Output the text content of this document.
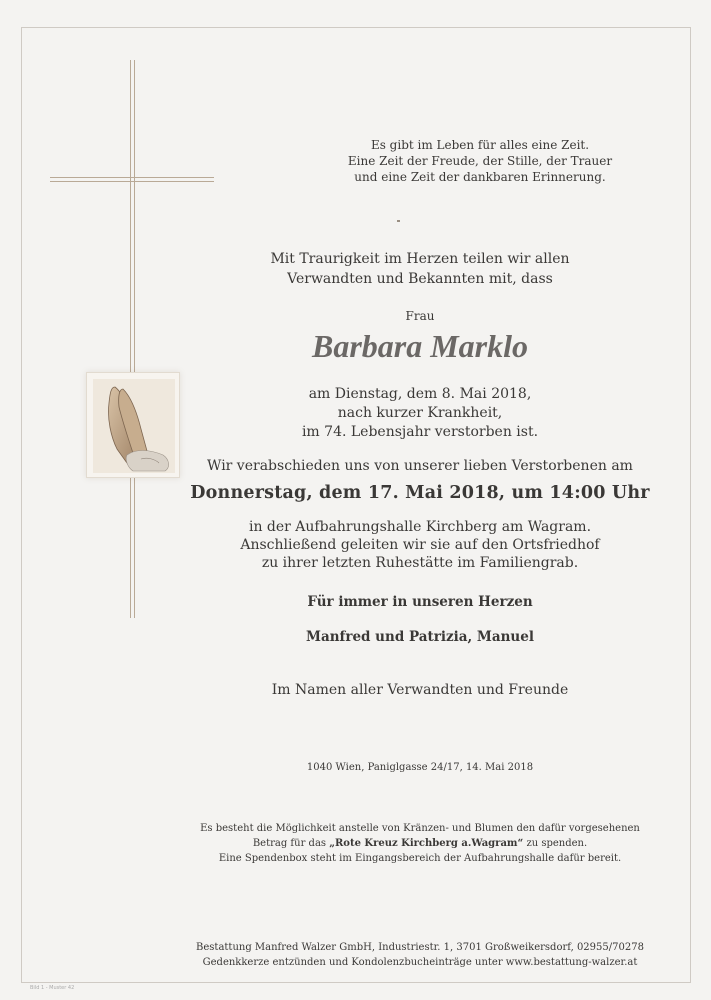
Es gibt im Leben für alles eine Zeit.
Eine Zeit der Freude, der Stille, der Trauer
und eine Zeit der dankbaren Erinnerung.
Mit Traurigkeit im Herzen teilen wir allen
Verwandten und Bekannten mit, dass
Frau
Barbara Marklo
am Dienstag, dem 8. Mai 2018,
nach kurzer Krankheit,
im 74. Lebensjahr verstorben ist.
Wir verabschieden uns von unserer lieben Verstorbenen am
Donnerstag, dem 17. Mai 2018, um 14:00 Uhr
in der Aufbahrungshalle Kirchberg am Wagram.
Anschließend geleiten wir sie auf den Ortsfriedhof
zu ihrer letzten Ruhestätte im Familiengrab.
Für immer in unseren Herzen
Manfred und Patrizia, Manuel
Im Namen aller Verwandten und Freunde
1040 Wien, Paniglgasse 24/17, 14. Mai 2018
Es besteht die Möglichkeit anstelle von Kränzen- und Blumen den dafür vorgesehenen
Betrag für das „Rote Kreuz Kirchberg a.Wagram“ zu spenden.
Eine Spendenbox steht im Eingangsbereich der Aufbahrungshalle dafür bereit.
Bestattung Manfred Walzer GmbH, Industriestr. 1, 3701 Großweikersdorf, 02955/70278
Gedenkkerze entzünden und Kondolenzbucheinträge unter www.bestattung-walzer.at
Bild 1 - Muster 42
